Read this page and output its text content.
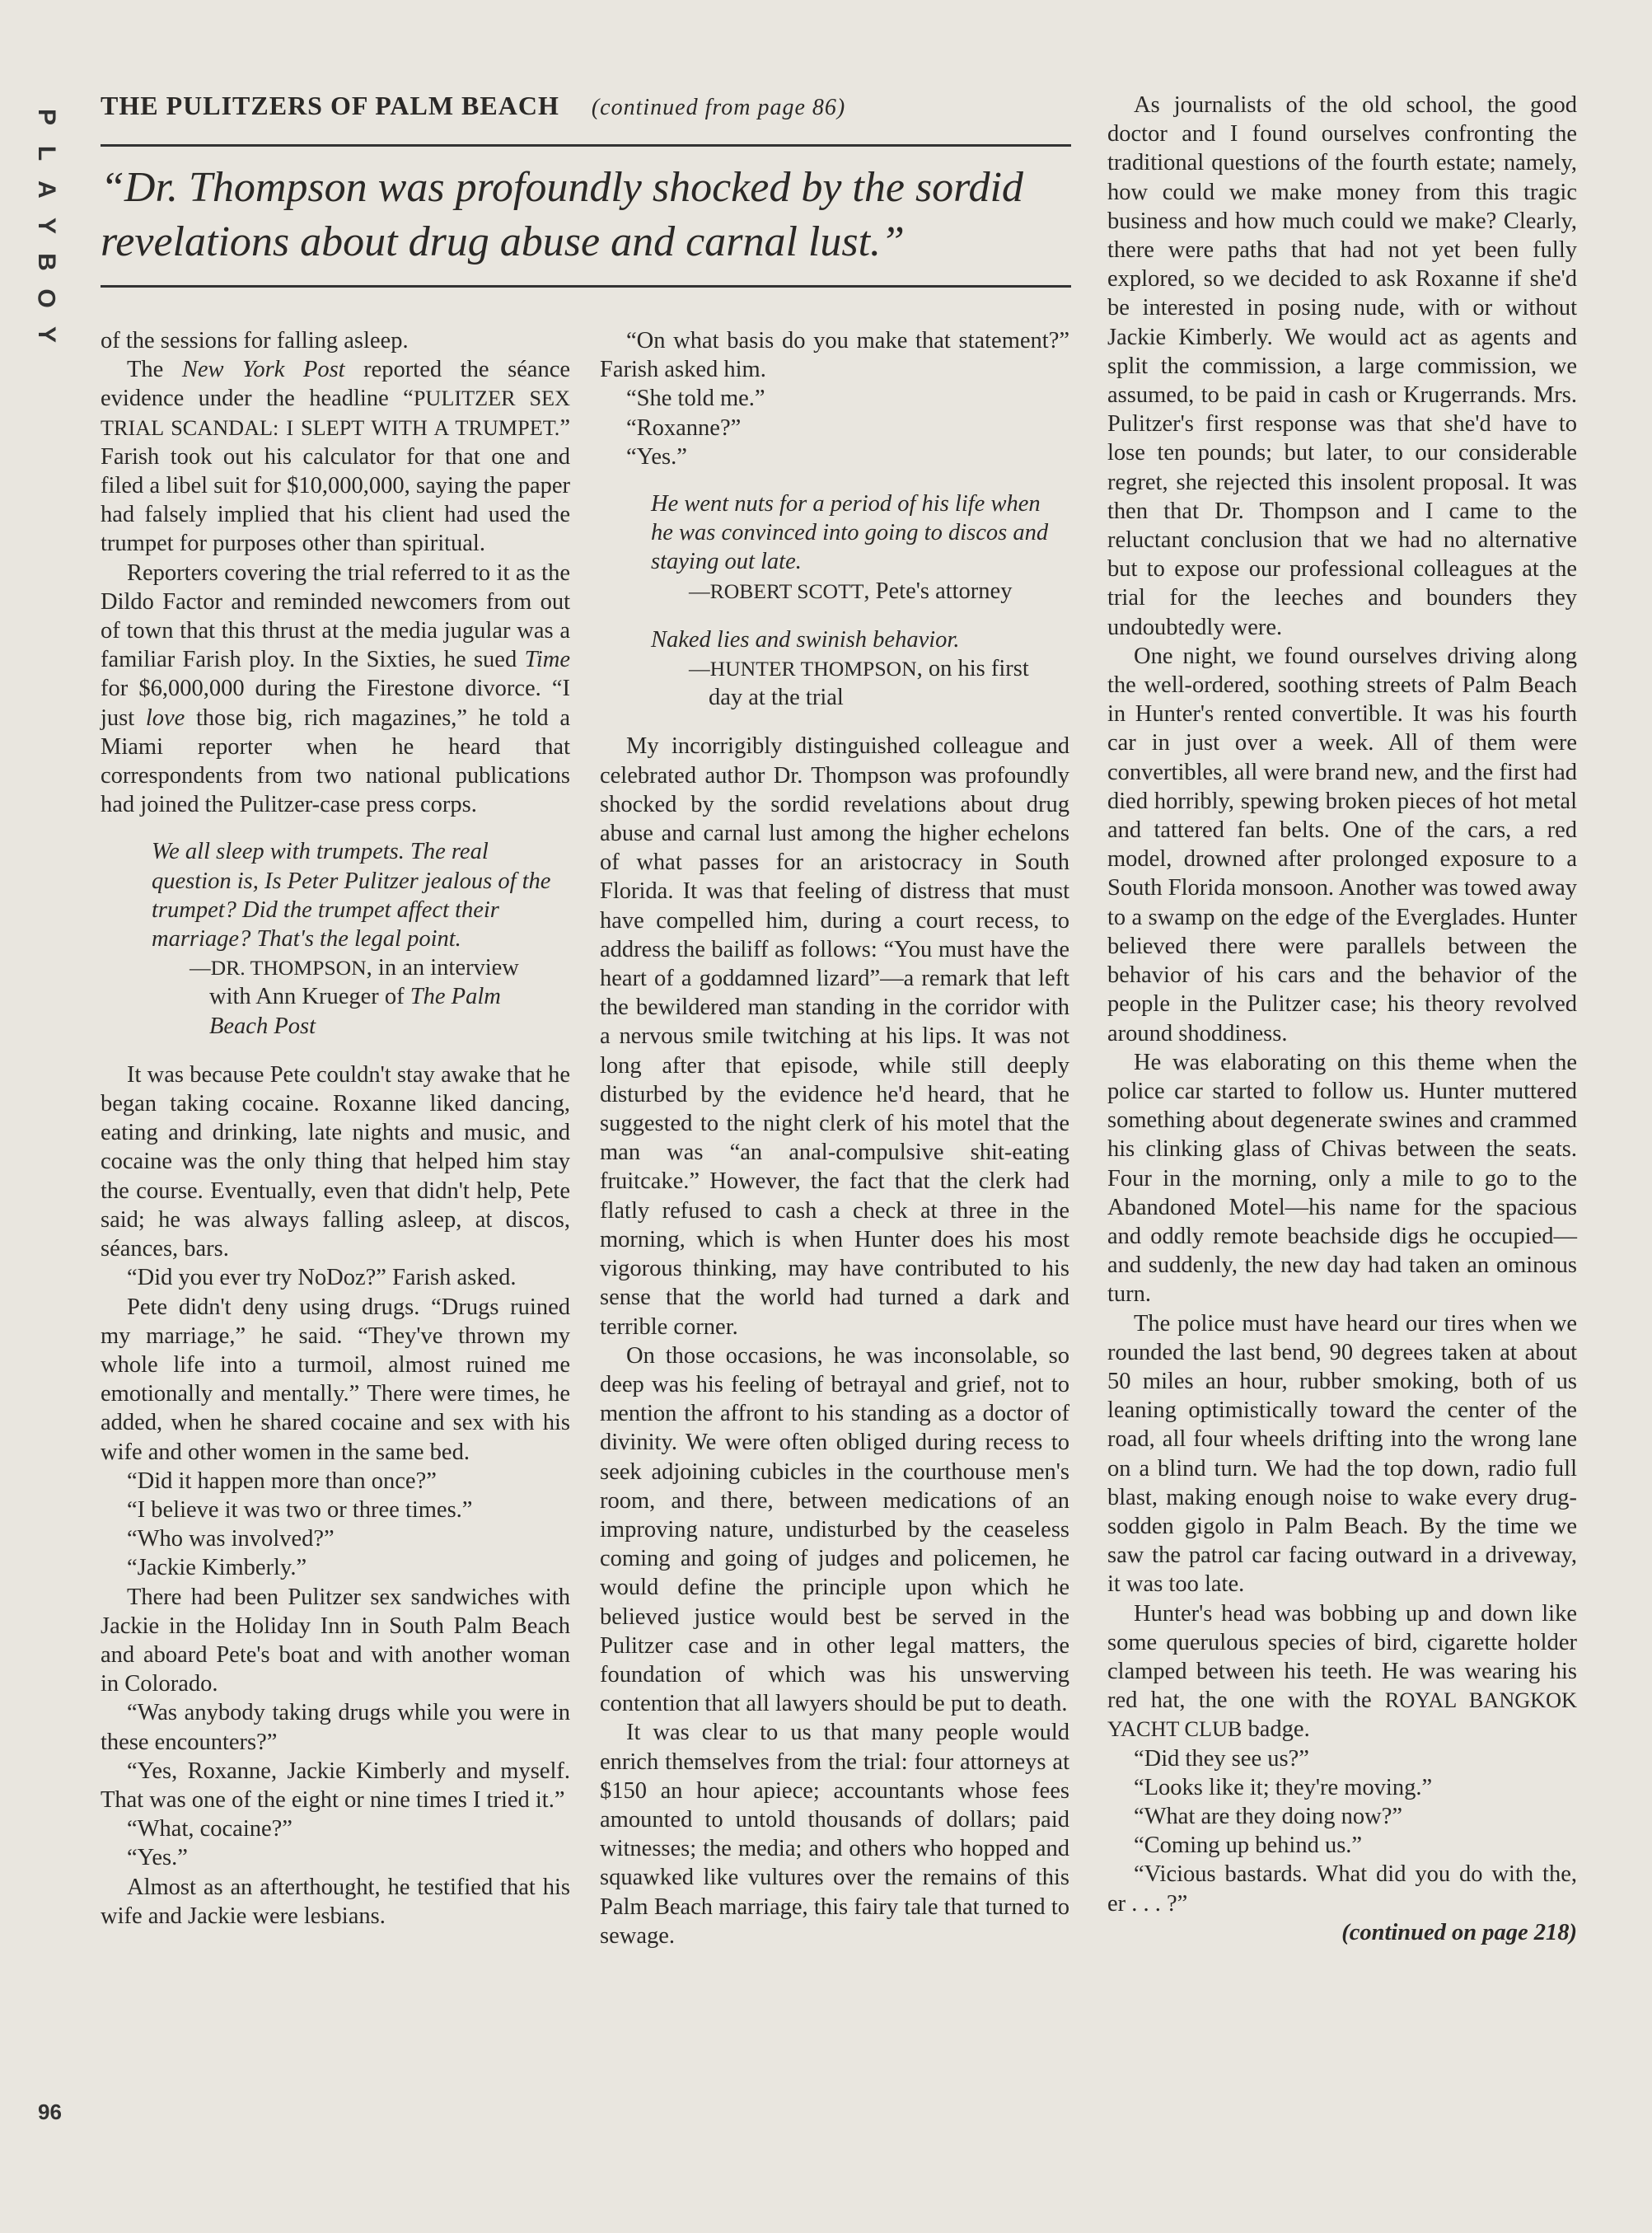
P
L
A
Y
B
O
Y
96
THE PULITZERS OF PALM BEACH (continued from page 86)
“Dr. Thompson was profoundly shocked by the sordid revelations about drug abuse and carnal lust.”

of the sessions for falling asleep.

The New York Post reported the séance evidence under the headline “PULITZER SEX TRIAL SCANDAL: I SLEPT WITH A TRUMPET.” Farish took out his calculator for that one and filed a libel suit for $10,000,000, saying the paper had falsely implied that his client had used the trumpet for purposes other than spiritual.

Reporters covering the trial referred to it as the Dildo Factor and reminded newcomers from out of town that this thrust at the media jugular was a familiar Farish ploy. In the Sixties, he sued Time for $6,000,000 during the Firestone divorce. “I just love those big, rich magazines,” he told a Miami reporter when he heard that correspondents from two national publications had joined the Pulitzer-case press corps.

We all sleep with trumpets. The real question is, Is Peter Pulitzer jealous of the trumpet? Did the trumpet affect their marriage? That's the legal point.

—DR. THOMPSON, in an interview with Ann Krueger of The Palm Beach Post

It was because Pete couldn't stay awake that he began taking cocaine. Roxanne liked dancing, eating and drinking, late nights and music, and cocaine was the only thing that helped him stay the course. Eventually, even that didn't help, Pete said; he was always falling asleep, at discos, séances, bars.

“Did you ever try NoDoz?” Farish asked.

Pete didn't deny using drugs. “Drugs ruined my marriage,” he said. “They've thrown my whole life into a turmoil, almost ruined me emotionally and mentally.” There were times, he added, when he shared cocaine and sex with his wife and other women in the same bed.

“Did it happen more than once?”

“I believe it was two or three times.”

“Who was involved?”

“Jackie Kimberly.”

There had been Pulitzer sex sandwiches with Jackie in the Holiday Inn in South Palm Beach and aboard Pete's boat and with another woman in Colorado.

“Was anybody taking drugs while you were in these encounters?”

“Yes, Roxanne, Jackie Kimberly and myself. That was one of the eight or nine times I tried it.”

“What, cocaine?”

“Yes.”

Almost as an afterthought, he testified that his wife and Jackie were lesbians.

“On what basis do you make that statement?” Farish asked him.

“She told me.”

“Roxanne?”

“Yes.”

He went nuts for a period of his life when he was convinced into going to discos and staying out late.

—ROBERT SCOTT, Pete's attorney

Naked lies and swinish behavior.

—HUNTER THOMPSON, on his first day at the trial

My incorrigibly distinguished colleague and celebrated author Dr. Thompson was profoundly shocked by the sordid revelations about drug abuse and carnal lust among the higher echelons of what passes for an aristocracy in South Florida. It was that feeling of distress that must have compelled him, during a court recess, to address the bailiff as follows: “You must have the heart of a goddamned lizard”—a remark that left the bewildered man standing in the corridor with a nervous smile twitching at his lips. It was not long after that episode, while still deeply disturbed by the evidence he'd heard, that he suggested to the night clerk of his motel that the man was “an anal-compulsive shit-eating fruitcake.” However, the fact that the clerk had flatly refused to cash a check at three in the morning, which is when Hunter does his most vigorous thinking, may have contributed to his sense that the world had turned a dark and terrible corner.

On those occasions, he was inconsolable, so deep was his feeling of betrayal and grief, not to mention the affront to his standing as a doctor of divinity. We were often obliged during recess to seek adjoining cubicles in the courthouse men's room, and there, between medications of an improving nature, undisturbed by the ceaseless coming and going of judges and policemen, he would define the principle upon which he believed justice would best be served in the Pulitzer case and in other legal matters, the foundation of which was his unswerving contention that all lawyers should be put to death.

It was clear to us that many people would enrich themselves from the trial: four attorneys at $150 an hour apiece; accountants whose fees amounted to untold thousands of dollars; paid witnesses; the media; and others who hopped and squawked like vultures over the remains of this Palm Beach marriage, this fairy tale that turned to sewage.

As journalists of the old school, the good doctor and I found ourselves confronting the traditional questions of the fourth estate; namely, how could we make money from this tragic business and how much could we make? Clearly, there were paths that had not yet been fully explored, so we decided to ask Roxanne if she'd be interested in posing nude, with or without Jackie Kimberly. We would act as agents and split the commission, a large commission, we assumed, to be paid in cash or Krugerrands. Mrs. Pulitzer's first response was that she'd have to lose ten pounds; but later, to our considerable regret, she rejected this insolent proposal. It was then that Dr. Thompson and I came to the reluctant conclusion that we had no alternative but to expose our professional colleagues at the trial for the leeches and bounders they undoubtedly were.

One night, we found ourselves driving along the well-ordered, soothing streets of Palm Beach in Hunter's rented convertible. It was his fourth car in just over a week. All of them were convertibles, all were brand new, and the first had died horribly, spewing broken pieces of hot metal and tattered fan belts. One of the cars, a red model, drowned after prolonged exposure to a South Florida monsoon. Another was towed away to a swamp on the edge of the Everglades. Hunter believed there were parallels between the behavior of his cars and the behavior of the people in the Pulitzer case; his theory revolved around shoddiness.

He was elaborating on this theme when the police car started to follow us. Hunter muttered something about degenerate swines and crammed his clinking glass of Chivas between the seats. Four in the morning, only a mile to go to the Abandoned Motel—his name for the spacious and oddly remote beachside digs he occupied—and suddenly, the new day had taken an ominous turn.

The police must have heard our tires when we rounded the last bend, 90 degrees taken at about 50 miles an hour, rubber smoking, both of us leaning optimistically toward the center of the road, all four wheels drifting into the wrong lane on a blind turn. We had the top down, radio full blast, making enough noise to wake every drug-sodden gigolo in Palm Beach. By the time we saw the patrol car facing outward in a driveway, it was too late.

Hunter's head was bobbing up and down like some querulous species of bird, cigarette holder clamped between his teeth. He was wearing his red hat, the one with the ROYAL BANGKOK YACHT CLUB badge.

“Did they see us?”

“Looks like it; they're moving.”

“What are they doing now?”

“Coming up behind us.”

“Vicious bastards. What did you do with the, er . . . ?”

(continued on page 218)
